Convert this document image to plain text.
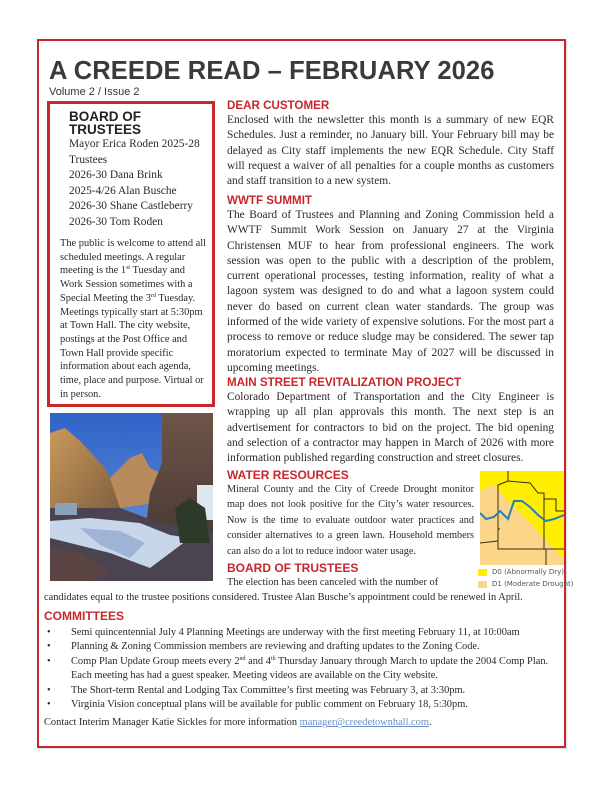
A CREEDE READ – FEBRUARY 2026
Volume 2 / Issue 2
BOARD OF TRUSTEES
Mayor Erica Roden 2025-28
Trustees
2026-30 Dana Brink
2025-4/26 Alan Busche
2026-30 Shane Castleberry
2026-30 Tom Roden
The public is welcome to attend all scheduled meetings. A regular meeting is the 1st Tuesday and Work Session sometimes with a Special Meeting the 3rd Tuesday. Meetings typically start at 5:30pm at Town Hall. The city website, postings at the Post Office and Town Hall provide specific information about each agenda, time, place and purpose. Virtual or in person.
DEAR CUSTOMER

Enclosed with the newsletter this month is a summary of new EQR Schedules. Just a reminder, no January bill. Your February bill may be delayed as City staff implements the new EQR Schedule. City Staff will request a waiver of all penalties for a couple months as customers and staff transition to a new system.

WWTF SUMMIT

The Board of Trustees and Planning and Zoning Commission held a WWTF Summit Work Session on January 27 at the Virginia Christensen MUF to hear from professional engineers. The work session was open to the public with a description of the problem, current operational processes, testing information, reality of what a lagoon system was designed to do and what a lagoon system could never do based on current clean water standards. The group was informed of the wide variety of expensive solutions. For the most part a process to remove or reduce sludge may be considered. The sewer tap moratorium expected to terminate May of 2027 will be discussed in upcoming meetings.

MAIN STREET REVITALIZATION PROJECT

Colorado Department of Transportation and the City Engineer is wrapping up all plan approvals this month. The next step is an advertisement for contractors to bid on the project. The bid opening and selection of a contractor may happen in March of 2026 with more information published regarding construction and street closures.

WATER RESOURCES

Mineral County and the City of Creede Drought monitor map does not look positive for the City’s water resources. Now is the time to evaluate outdoor water practices and consider alternatives to a green lawn. Household members can also do a lot to reduce indoor water usage.

D0 (Abnormally Dry)
D1 (Moderate Drought)
BOARD OF TRUSTEES
The election has been canceled with the number of
candidates equal to the trustee positions considered. Trustee Alan Busche’s appointment could be renewed in April.
COMMITTEES
• Semi quincentennial July 4 Planning Meetings are underway with the first meeting February 11, at 10:00am
• Planning & Zoning Commission members are reviewing and drafting updates to the Zoning Code.
• Comp Plan Update Group meets every 2nd and 4th Thursday January through March to update the 2004 Comp Plan. Each meeting has had a guest speaker. Meeting videos are available on the City website.
• The Short-term Rental and Lodging Tax Committee’s first meeting was February 3, at 3:30pm.
• Virginia Vision conceptual plans will be available for public comment on February 18, 5:30pm.
Contact Interim Manager Katie Sickles for more information manager@creedetownhall.com.
